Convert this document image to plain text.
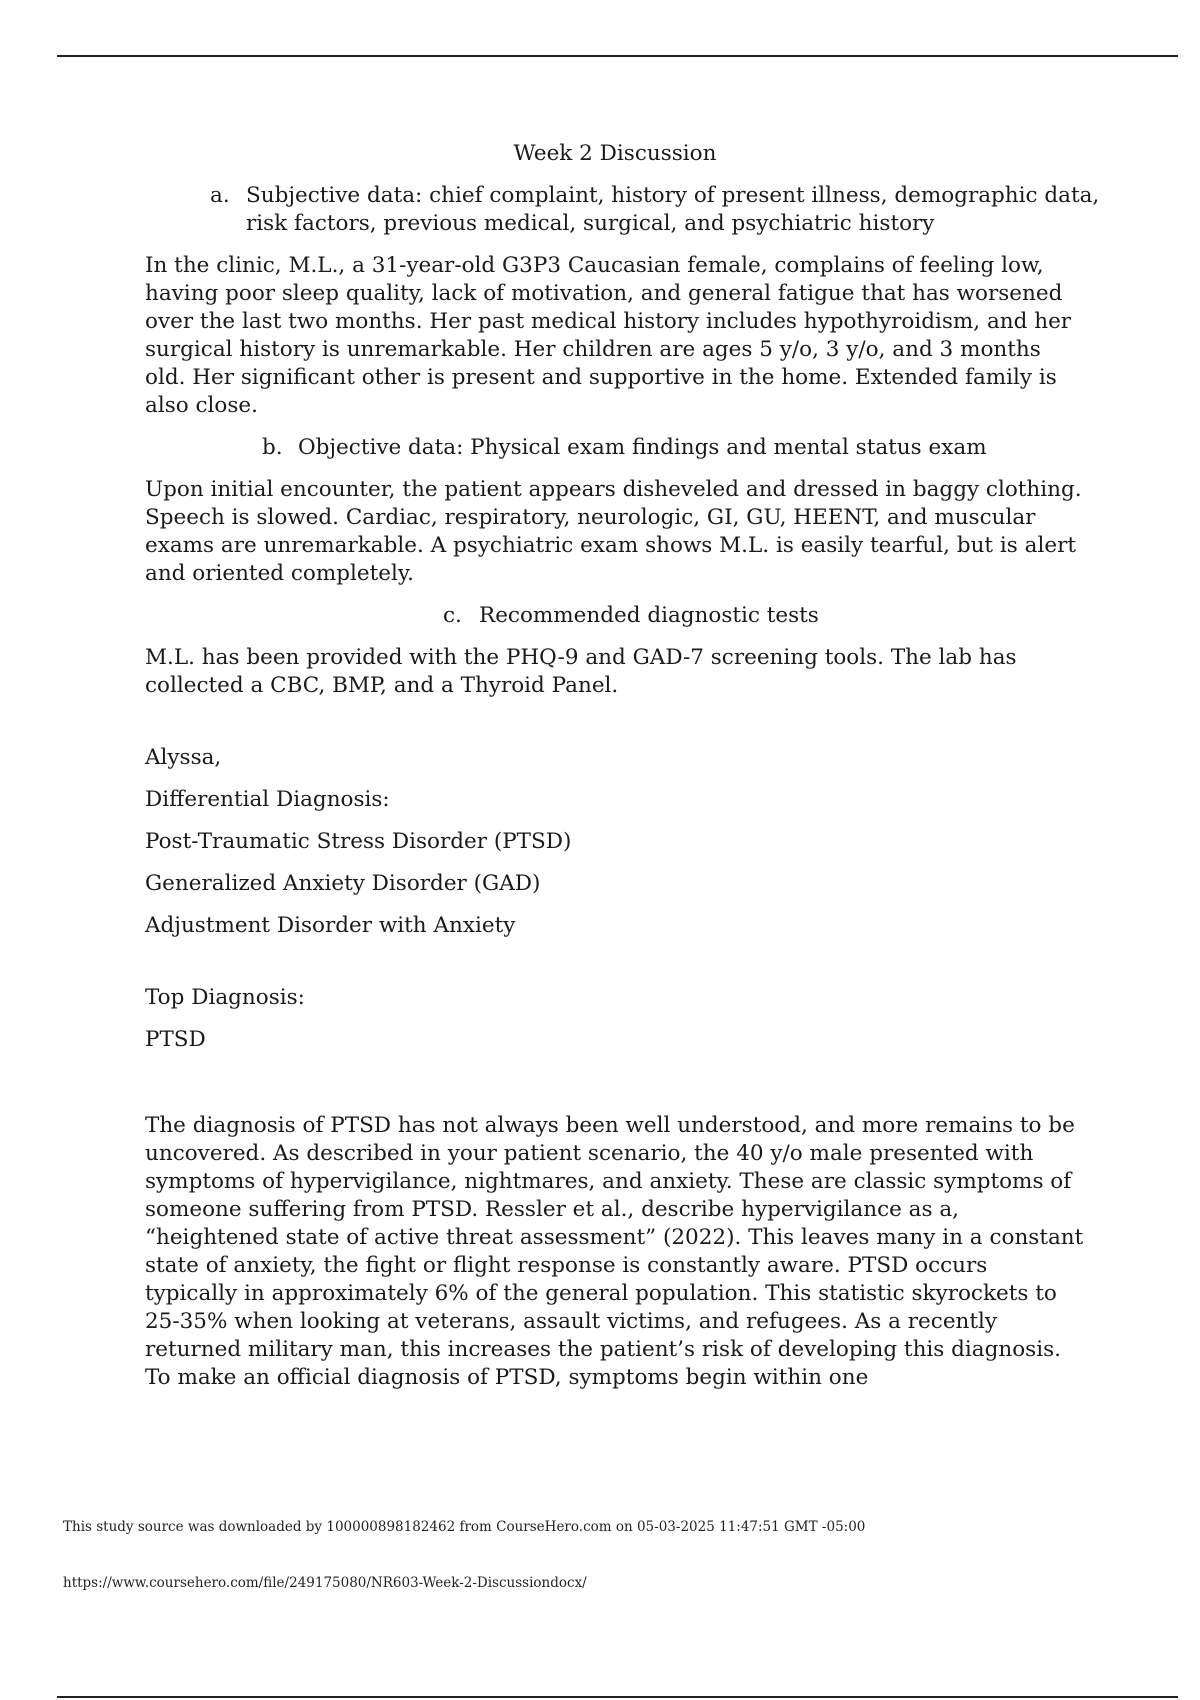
Week 2 Discussion
a. Subjective data: chief complaint, history of present illness, demographic data, risk factors, previous medical, surgical, and psychiatric history
In the clinic, M.L., a 31-year-old G3P3 Caucasian female, complains of feeling low, having poor sleep quality, lack of motivation, and general fatigue that has worsened over the last two months. Her past medical history includes hypothyroidism, and her surgical history is unremarkable. Her children are ages 5 y/o, 3 y/o, and 3 months old. Her significant other is present and supportive in the home. Extended family is also close.
b. Objective data: Physical exam findings and mental status exam
Upon initial encounter, the patient appears disheveled and dressed in baggy clothing. Speech is slowed. Cardiac, respiratory, neurologic, GI, GU, HEENT, and muscular exams are unremarkable. A psychiatric exam shows M.L. is easily tearful, but is alert and oriented completely.
c. Recommended diagnostic tests
M.L. has been provided with the PHQ-9 and GAD-7 screening tools. The lab has collected a CBC, BMP, and a Thyroid Panel.
Alyssa,
Differential Diagnosis:
Post-Traumatic Stress Disorder (PTSD)
Generalized Anxiety Disorder (GAD)
Adjustment Disorder with Anxiety
Top Diagnosis:
PTSD
The diagnosis of PTSD has not always been well understood, and more remains to be uncovered. As described in your patient scenario, the 40 y/o male presented with symptoms of hypervigilance, nightmares, and anxiety. These are classic symptoms of someone suffering from PTSD. Ressler et al., describe hypervigilance as a, “heightened state of active threat assessment” (2022). This leaves many in a constant state of anxiety, the fight or flight response is constantly aware. PTSD occurs typically in approximately 6% of the general population. This statistic skyrockets to 25-35% when looking at veterans, assault victims, and refugees. As a recently returned military man, this increases the patient’s risk of developing this diagnosis. To make an official diagnosis of PTSD, symptoms begin within one
This study source was downloaded by 100000898182462 from CourseHero.com on 05-03-2025 11:47:51 GMT -05:00
https://www.coursehero.com/file/249175080/NR603-Week-2-Discussiondocx/
